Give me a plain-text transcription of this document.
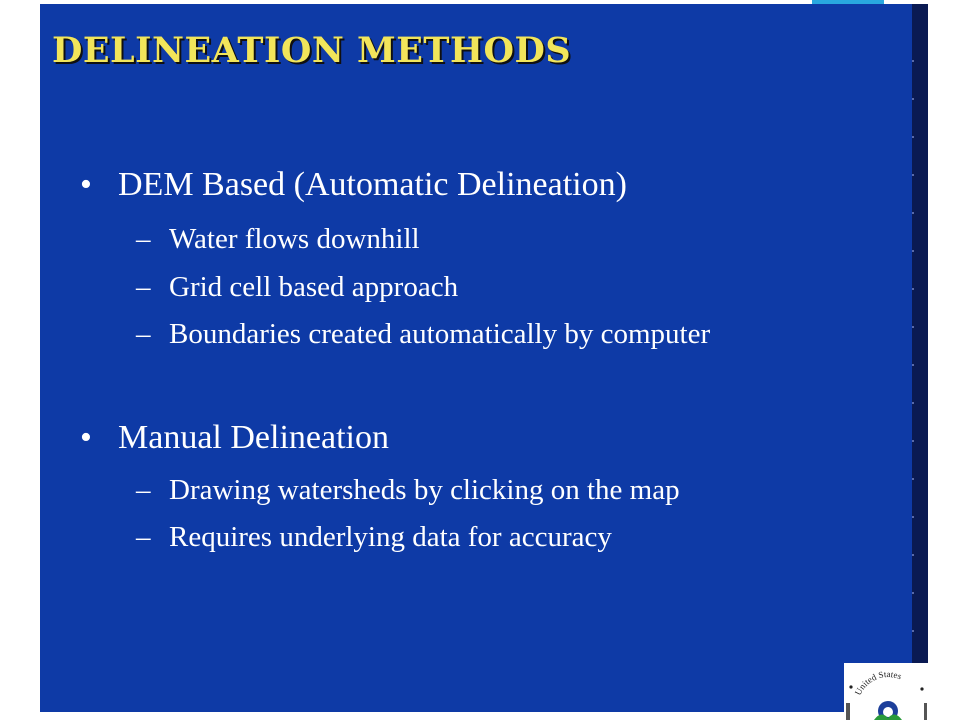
DELINEATION METHODS
• DEM Based (Automatic Delineation)
– Water flows downhill
– Grid cell based approach
– Boundaries created automatically by computer
• Manual Delineation
– Drawing watersheds by clicking on the map
– Requires underlying data for accuracy
United States
